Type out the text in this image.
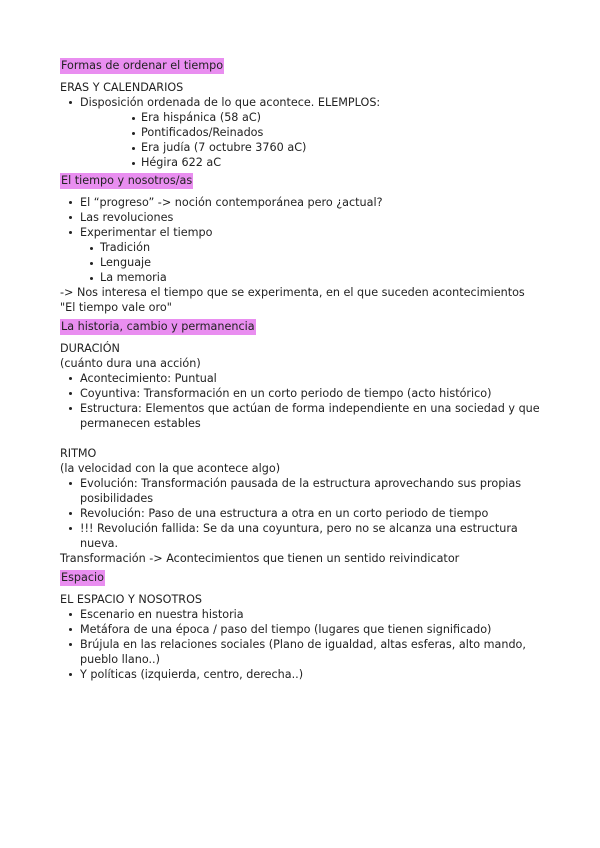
Formas de ordenar el tiempo
ERAS Y CALENDARIOS
Disposición ordenada de lo que acontece. ELEMPLOS:
Era hispánica (58 aC)
Pontificados/Reinados
Era judía (7 octubre 3760 aC)
Hégira 622 aC
El tiempo y nosotros/as
El “progreso” -> noción contemporánea pero ¿actual?
Las revoluciones
Experimentar el tiempo
Tradición
Lenguaje
La memoria
-> Nos interesa el tiempo que se experimenta, en el que suceden acontecimientos
"El tiempo vale oro"
La historia, cambio y permanencia
DURACIÓN
(cuánto dura una acción)
Acontecimiento: Puntual
Coyuntiva: Transformación en un corto periodo de tiempo (acto histórico)
Estructura: Elementos que actúan de forma independiente en una sociedad y que permanecen estables
RITMO
(la velocidad con la que acontece algo)
Evolución: Transformación pausada de la estructura aprovechando sus propias posibilidades
Revolución: Paso de una estructura a otra en un corto periodo de tiempo
!!! Revolución fallida: Se da una coyuntura, pero no se alcanza una estructura nueva.
Transformación -> Acontecimientos que tienen un sentido reivindicator
Espacio
EL ESPACIO Y NOSOTROS
Escenario en nuestra historia
Metáfora de una época / paso del tiempo (lugares que tienen significado)
Brújula en las relaciones sociales (Plano de igualdad, altas esferas, alto mando, pueblo llano..)
Y políticas (izquierda, centro, derecha..)
